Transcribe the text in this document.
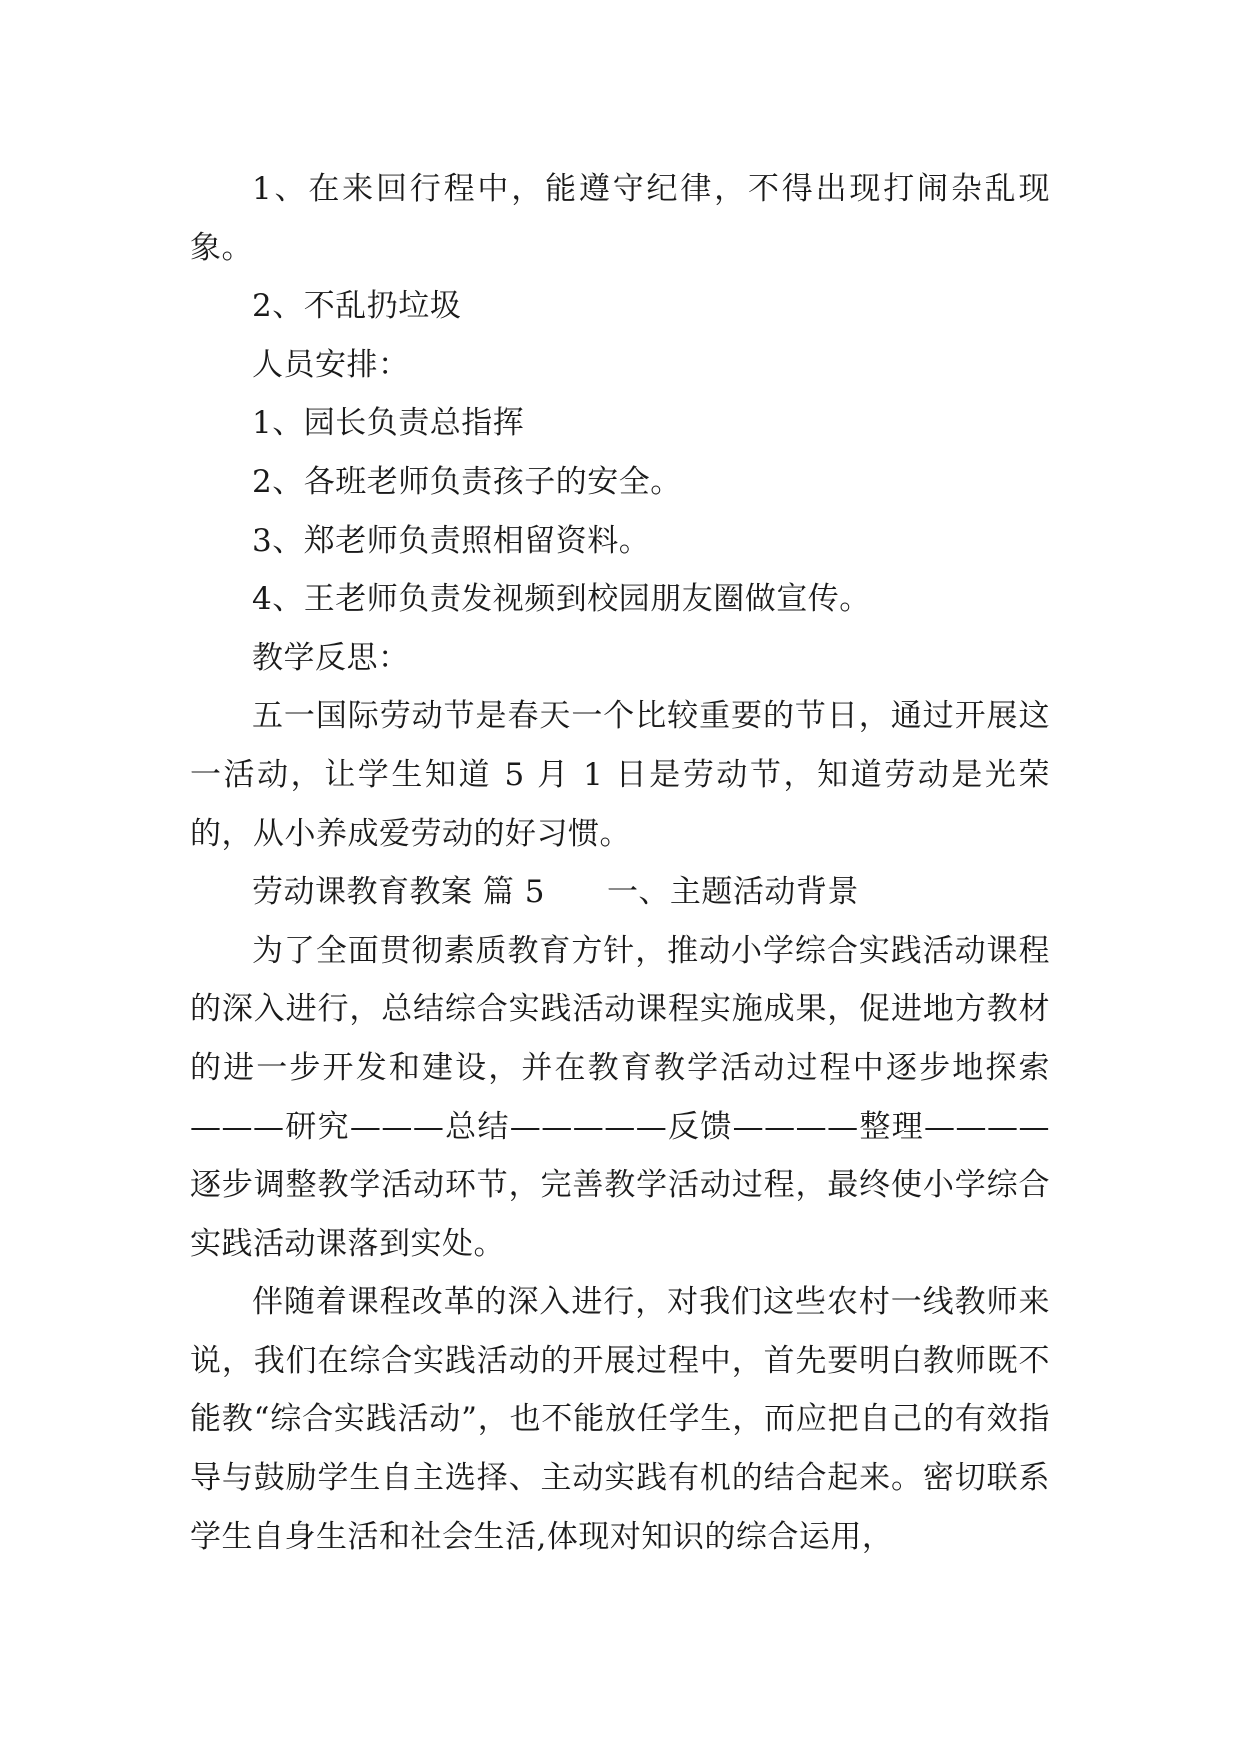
1、在来回行程中，能遵守纪律，不得出现打闹杂乱现象。

2、不乱扔垃圾

人员安排：

1、园长负责总指挥

2、各班老师负责孩子的安全。

3、郑老师负责照相留资料。

4、王老师负责发视频到校园朋友圈做宣传。

教学反思：

五一国际劳动节是春天一个比较重要的节日，通过开展这一活动，让学生知道 5 月 1 日是劳动节，知道劳动是光荣的，从小养成爱劳动的好习惯。

劳动课教育教案 篇 5 一、主题活动背景

为了全面贯彻素质教育方针，推动小学综合实践活动课程的深入进行，总结综合实践活动课程实施成果，促进地方教材的进一步开发和建设，并在教育教学活动过程中逐步地探索———研究———总结—————反馈————整理————逐步调整教学活动环节，完善教学活动过程，最终使小学综合实践活动课落到实处。

伴随着课程改革的深入进行，对我们这些农村一线教师来说，我们在综合实践活动的开展过程中，首先要明白教师既不能教“综合实践活动”，也不能放任学生，而应把自己的有效指导与鼓励学生自主选择、主动实践有机的结合起来。密切联系学生自身生活和社会生活,体现对知识的综合运用，
